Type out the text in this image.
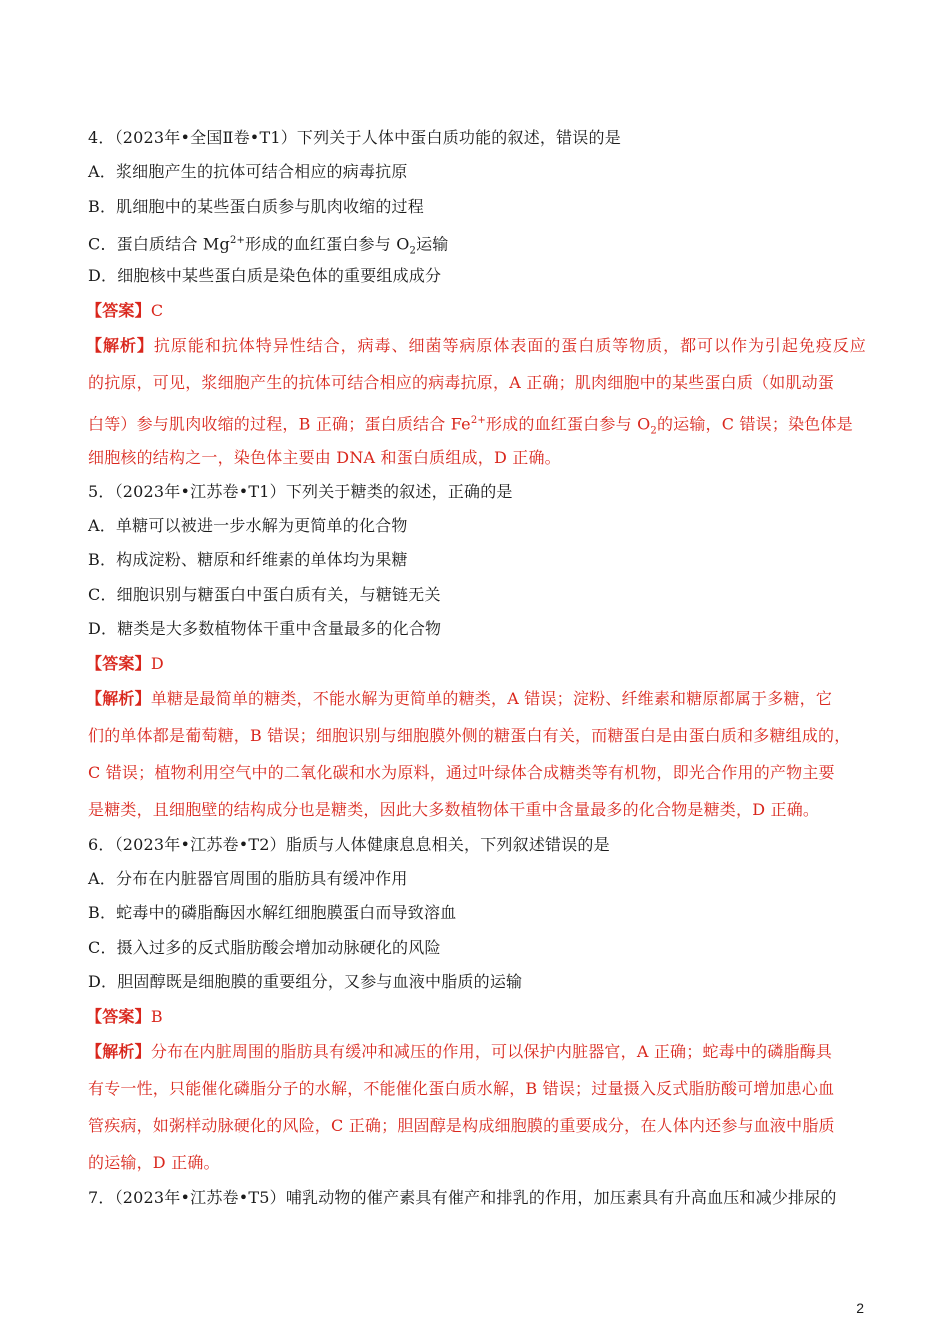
4．（2023年•全国Ⅱ卷•T1）下列关于人体中蛋白质功能的叙述，错误的是
A．浆细胞产生的抗体可结合相应的病毒抗原
B．肌细胞中的某些蛋白质参与肌肉收缩的过程
C．蛋白质结合 $Mg^{2+}$形成的血红蛋白参与 $O_2$运输
D．细胞核中某些蛋白质是染色体的重要组成成分
【答案】C
【解析】抗原能和抗体特异性结合，病毒、细菌等病原体表面的蛋白质等物质，都可以作为引起免疫反应
的抗原，可见，浆细胞产生的抗体可结合相应的病毒抗原，A 正确；肌肉细胞中的某些蛋白质（如肌动蛋
白等）参与肌肉收缩的过程，B 正确；蛋白质结合 $Fe^{2+}$形成的血红蛋白参与 $O_2$的运输，C 错误；染色体是
细胞核的结构之一，染色体主要由 DNA 和蛋白质组成，D 正确。
5．（2023年•江苏卷•T1）下列关于糖类的叙述，正确的是
A．单糖可以被进一步水解为更简单的化合物
B．构成淀粉、糖原和纤维素的单体均为果糖
C．细胞识别与糖蛋白中蛋白质有关，与糖链无关
D．糖类是大多数植物体干重中含量最多的化合物
【答案】D
【解析】单糖是最简单的糖类，不能水解为更简单的糖类，A 错误；淀粉、纤维素和糖原都属于多糖，它
们的单体都是葡萄糖，B 错误；细胞识别与细胞膜外侧的糖蛋白有关，而糖蛋白是由蛋白质和多糖组成的，
C 错误；植物利用空气中的二氧化碳和水为原料，通过叶绿体合成糖类等有机物，即光合作用的产物主要
是糖类，且细胞壁的结构成分也是糖类，因此大多数植物体干重中含量最多的化合物是糖类，D 正确。
6．（2023年•江苏卷•T2）脂质与人体健康息息相关，下列叙述错误的是
A．分布在内脏器官周围的脂肪具有缓冲作用
B．蛇毒中的磷脂酶因水解红细胞膜蛋白而导致溶血
C．摄入过多的反式脂肪酸会增加动脉硬化的风险
D．胆固醇既是细胞膜的重要组分，又参与血液中脂质的运输
【答案】B
【解析】分布在内脏周围的脂肪具有缓冲和减压的作用，可以保护内脏器官，A 正确；蛇毒中的磷脂酶具
有专一性，只能催化磷脂分子的水解，不能催化蛋白质水解，B 错误；过量摄入反式脂肪酸可增加患心血
管疾病，如粥样动脉硬化的风险，C 正确；胆固醇是构成细胞膜的重要成分，在人体内还参与血液中脂质
的运输，D 正确。
7．（2023年•江苏卷•T5）哺乳动物的催产素具有催产和排乳的作用，加压素具有升高血压和减少排尿的
2
